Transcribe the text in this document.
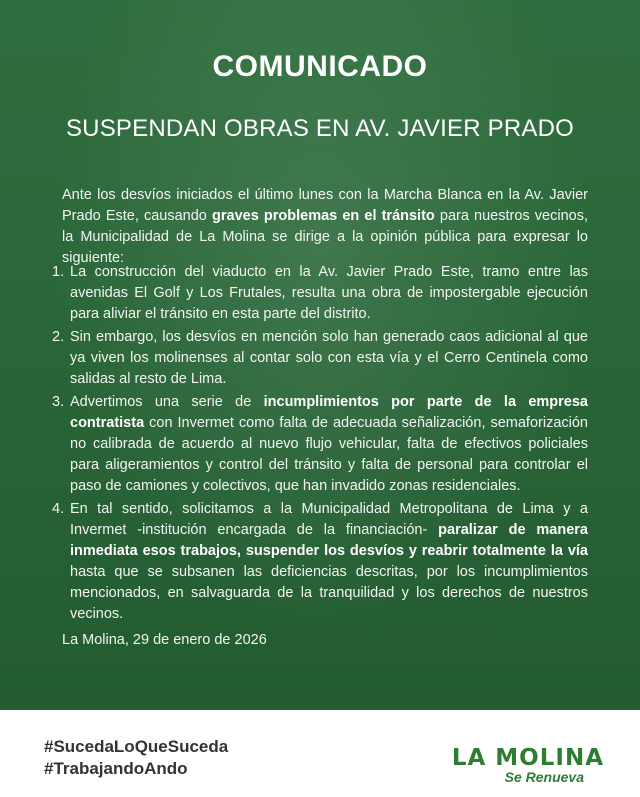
COMUNICADO
SUSPENDAN OBRAS EN AV. JAVIER PRADO

Ante los desvíos iniciados el último lunes con la Marcha Blanca en la Av. Javier Prado Este, causando graves problemas en el tránsito para nuestros vecinos, la Municipalidad de La Molina se dirige a la opinión pública para expresar lo siguiente:

1. La construcción del viaducto en la Av. Javier Prado Este, tramo entre las avenidas El Golf y Los Frutales, resulta una obra de impostergable ejecución para aliviar el tránsito en esta parte del distrito.
2. Sin embargo, los desvíos en mención solo han generado caos adicional al que ya viven los molinenses al contar solo con esta vía y el Cerro Centinela como salidas al resto de Lima.
3. Advertimos una serie de incumplimientos por parte de la empresa contratista con Invermet como falta de adecuada señalización, semaforización no calibrada de acuerdo al nuevo flujo vehicular, falta de efectivos policiales para aligeramientos y control del tránsito y falta de personal para controlar el paso de camiones y colectivos, que han invadido zonas residenciales.
4. En tal sentido, solicitamos a la Municipalidad Metropolitana de Lima y a Invermet -institución encargada de la financiación- paralizar de manera inmediata esos trabajos, suspender los desvíos y reabrir totalmente la vía hasta que se subsanen las deficiencias descritas, por los incumplimientos mencionados, en salvaguarda de la tranquilidad y los derechos de nuestros vecinos.
La Molina, 29 de enero de 2026
#SucedaLoQueSuceda
#TrabajandoAndo	LA MOLINA
Se Renueva
